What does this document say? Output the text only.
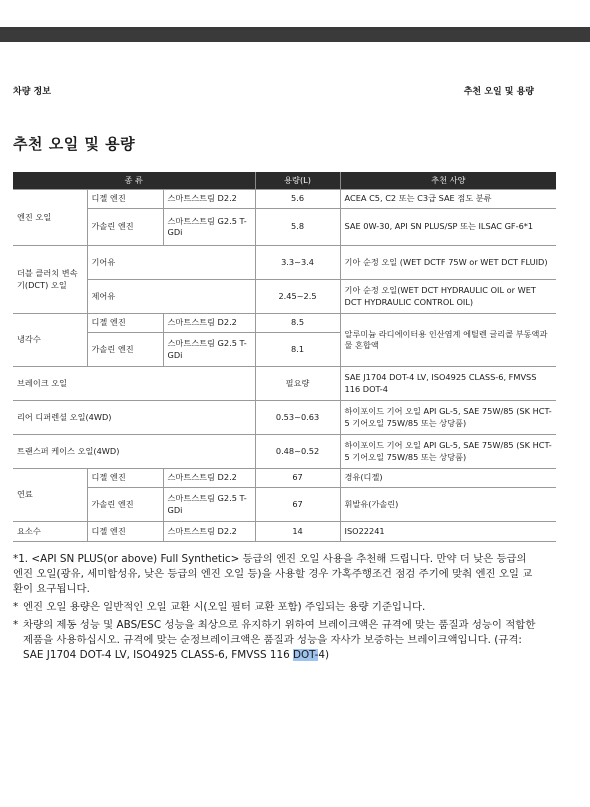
차량 정보	추천 오일 및 용량
추천 오일 및 용량
종 류			용량(L)	추천 사양
엔진 오일	디젤 엔진	스마트스트림 D2.2	5.6	ACEA C5, C2 또는 C3급 SAE 점도 분류
	가솔린 엔진	스마트스트림 G2.5 T-GDi	5.8	SAE 0W-30, API SN PLUS/SP 또는 ILSAC GF-6*1
더블 클러치 변속기(DCT) 오일	기어유		3.3~3.4	기아 순정 오일 (WET DCTF 75W or WET DCT FLUID)
	제어유		2.45~2.5	기아 순정 오일(WET DCT HYDRAULIC OIL or WET DCT HYDRAULIC CONTROL OIL)
냉각수	디젤 엔진	스마트스트림 D2.2	8.5	알루미늄 라디에이터용 인산염계 에틸렌 글리콜 부동액과 물 혼합액
	가솔린 엔진	스마트스트림 G2.5 T-GDi	8.1	
브레이크 오일			필요량	SAE J1704 DOT-4 LV, ISO4925 CLASS-6, FMVSS 116 DOT-4
리어 디퍼렌셜 오일(4WD)			0.53~0.63	하이포이드 기어 오일 API GL-5, SAE 75W/85 (SK HCT-5 기어오일 75W/85 또는 상당품)
트랜스퍼 케이스 오일(4WD)			0.48~0.52	하이포이드 기어 오일 API GL-5, SAE 75W/85 (SK HCT-5 기어오일 75W/85 또는 상당품)
연료	디젤 엔진	스마트스트림 D2.2	67	경유(디젤)
	가솔린 엔진	스마트스트림 G2.5 T-GDi	67	휘발유(가솔린)
요소수	디젤 엔진	스마트스트림 D2.2	14	ISO22241
*1. <API SN PLUS(or above) Full Synthetic> 등급의 엔진 오일 사용을 추천해 드립니다. 만약 더 낮은 등급의 엔진 오일(광유, 세미합성유, 낮은 등급의 엔진 오일 등)을 사용할 경우 가혹주행조건 점검 주기에 맞춰 엔진 오일 교환이 요구됩니다.
* 엔진 오일 용량은 일반적인 오일 교환 시(오일 필터 교환 포함) 주입되는 용량 기준입니다.
* 차량의 제동 성능 및 ABS/ESC 성능을 최상으로 유지하기 위하여 브레이크액은 규격에 맞는 품질과 성능이 적합한 제품을 사용하십시오. 규격에 맞는 순정브레이크액은 품질과 성능을 자사가 보증하는 브레이크액입니다. (규격: SAE J1704 DOT-4 LV, ISO4925 CLASS-6, FMVSS 116 DOT-4)
